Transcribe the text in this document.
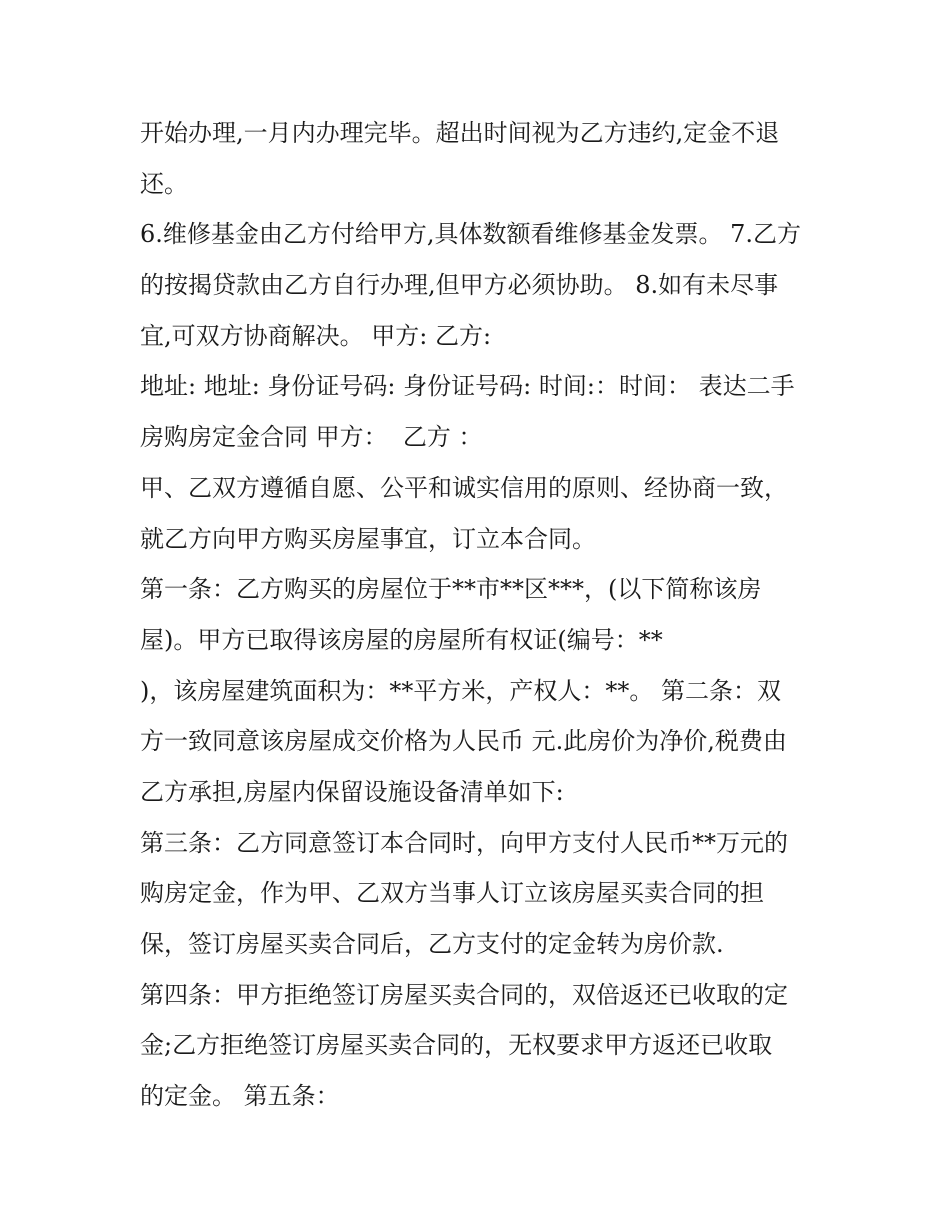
开始办理,一月内办理完毕。超出时间视为乙方违约,定金不退
还。
6.维修基金由乙方付给甲方,具体数额看维修基金发票。 7.乙方
的按揭贷款由乙方自行办理,但甲方必须协助。 8.如有未尽事
宜,可双方协商解决。 甲方: 乙方:
地址: 地址: 身份证号码: 身份证号码: 时间:：时间： 表达二手
房购房定金合同 甲方：  乙方 ：
甲、乙双方遵循自愿、公平和诚实信用的原则、经协商一致，
就乙方向甲方购买房屋事宜，订立本合同。
第一条：乙方购买的房屋位于**市**区***，(以下简称该房
屋)。甲方已取得该房屋的房屋所有权证(编号：**
)，该房屋建筑面积为：**平方米，产权人：**。 第二条：双
方一致同意该房屋成交价格为人民币 元.此房价为净价,税费由
乙方承担,房屋内保留设施设备清单如下:
第三条：乙方同意签订本合同时，向甲方支付人民币**万元的
购房定金，作为甲、乙双方当事人订立该房屋买卖合同的担
保，签订房屋买卖合同后，乙方支付的定金转为房价款.
第四条：甲方拒绝签订房屋买卖合同的，双倍返还已收取的定
金;乙方拒绝签订房屋买卖合同的，无权要求甲方返还已收取
的定金。 第五条：
